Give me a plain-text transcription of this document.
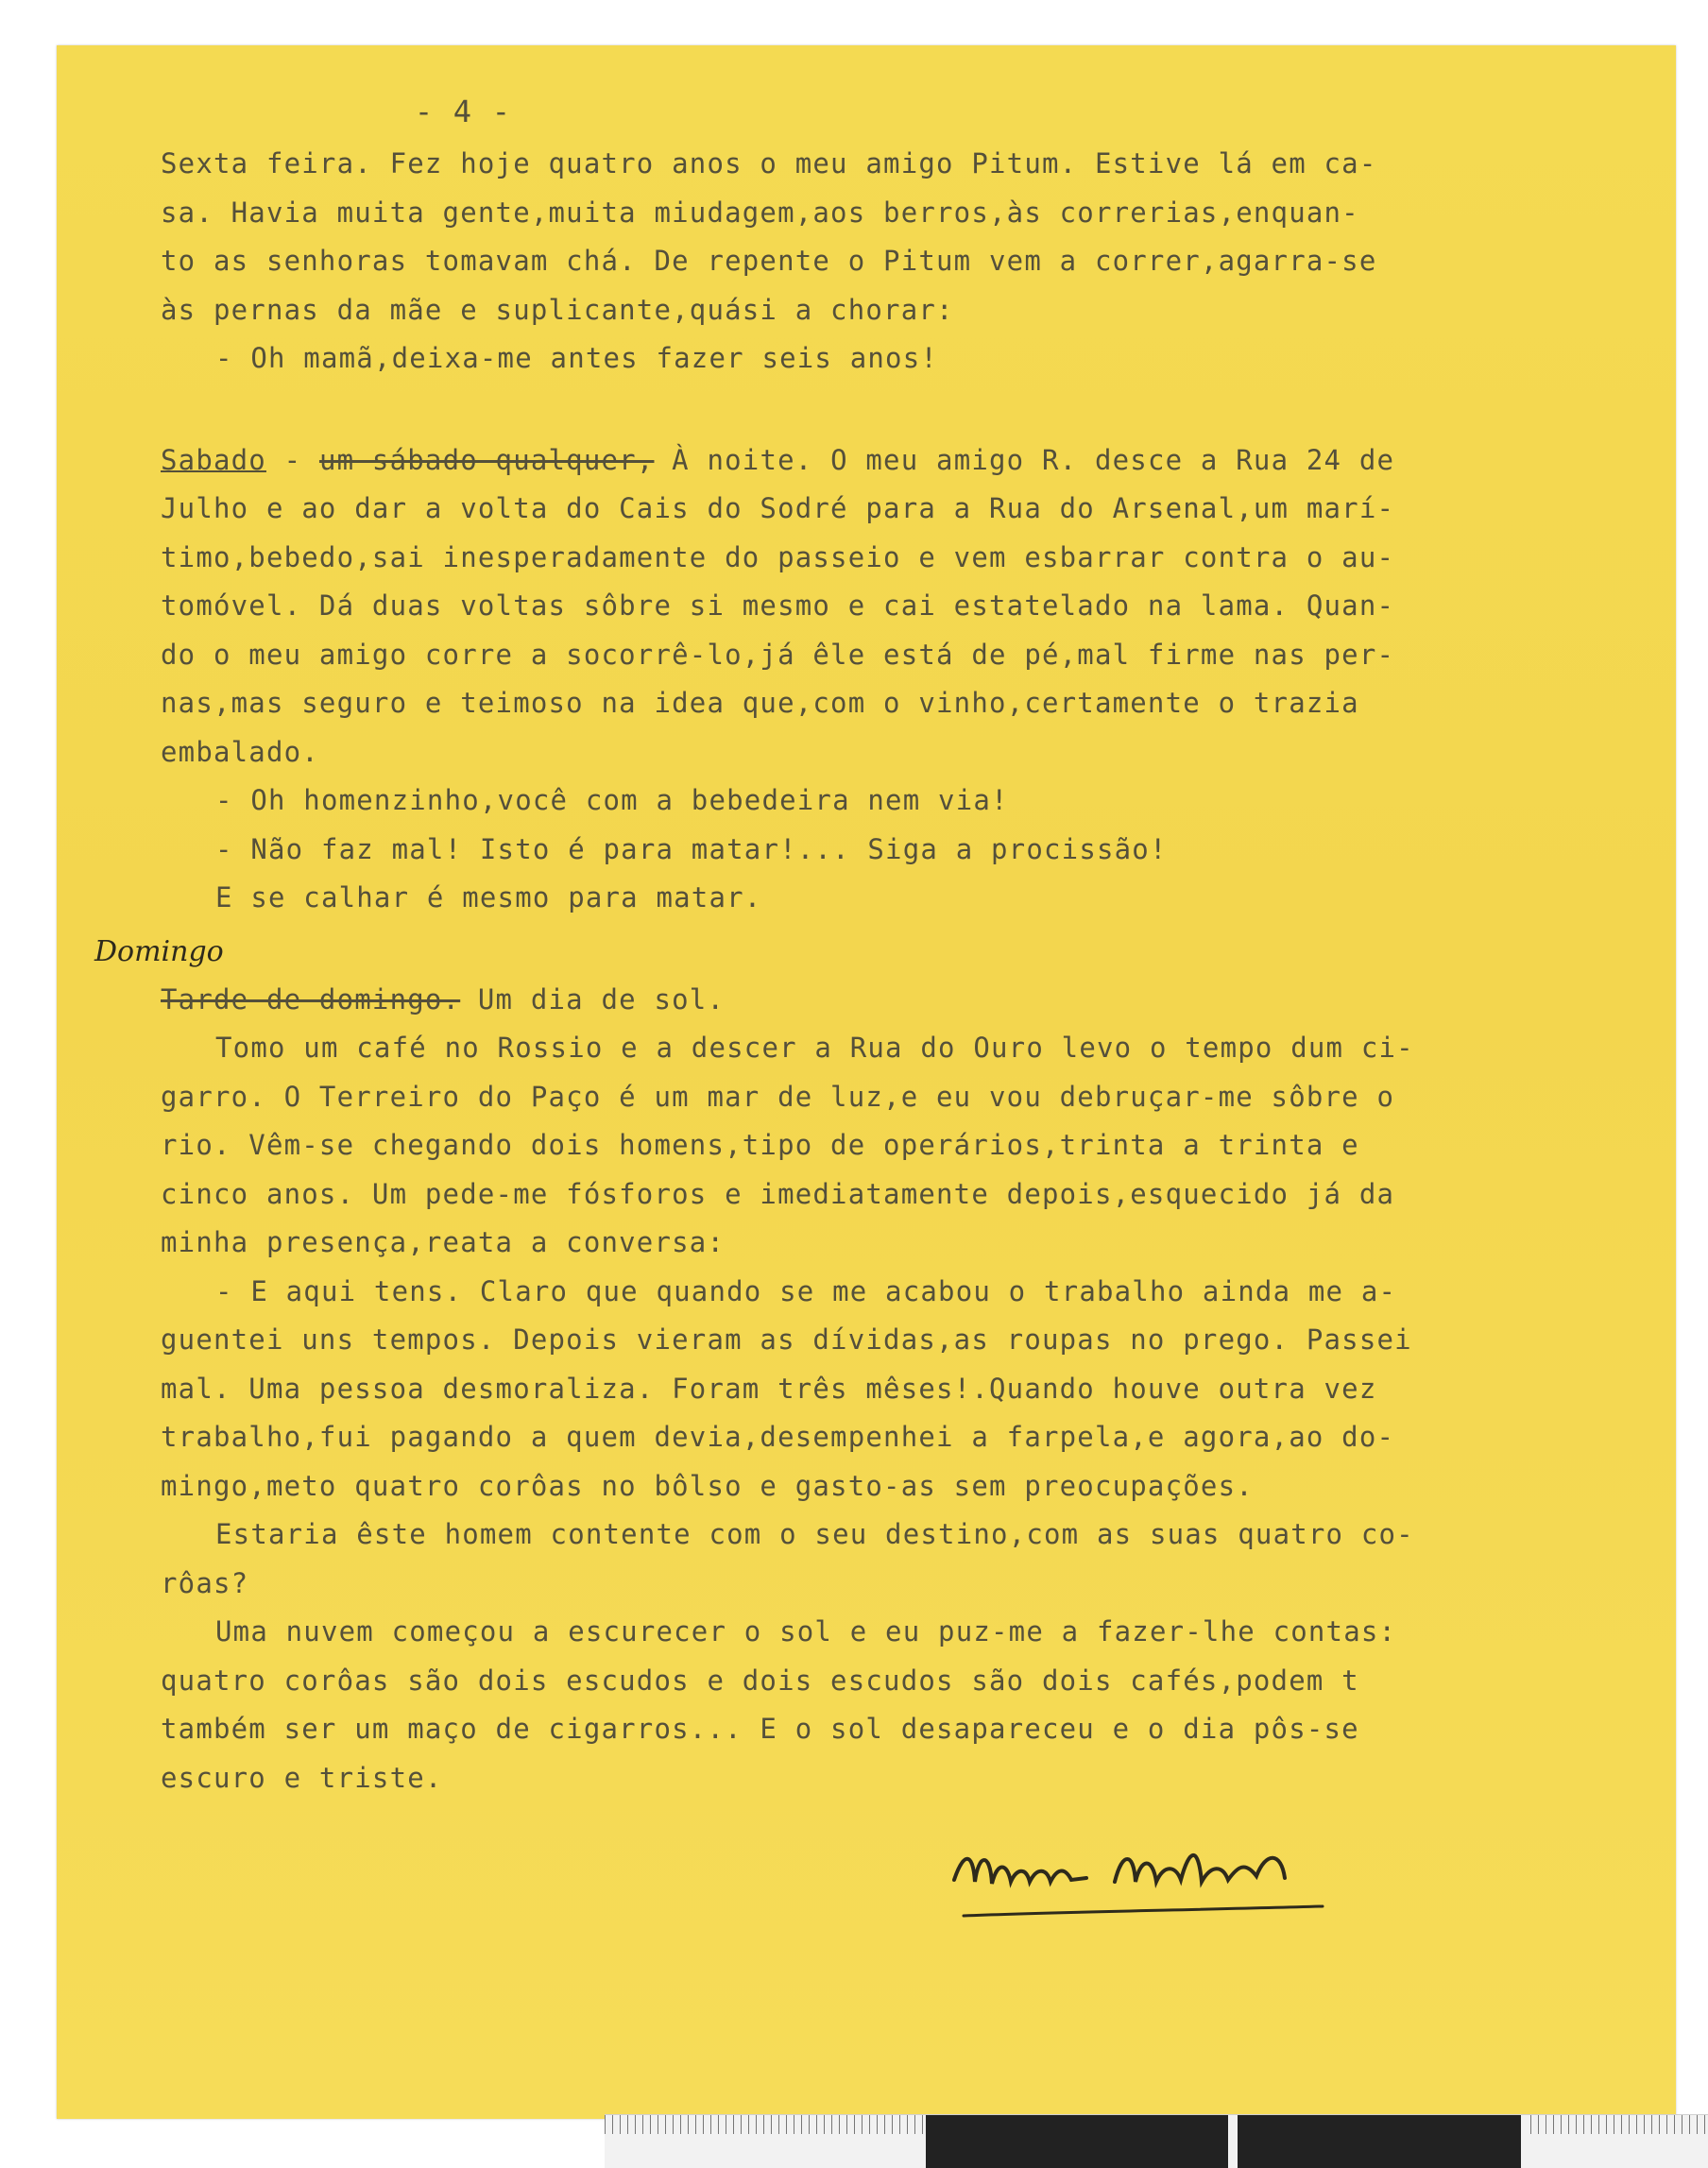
- 4 -
Sexta feira. Fez hoje quatro anos o meu amigo Pitum. Estive lá em ca-
sa. Havia muita gente,muita miudagem,aos berros,às correrias,enquan-
to as senhoras tomavam chá. De repente o Pitum vem a correr,agarra-se
às pernas da mãe e suplicante,quási a chorar:
- Oh mamã,deixa-me antes fazer seis anos!
Sabado - um sábado qualquer, À noite. O meu amigo R. desce a Rua 24 de
Julho e ao dar a volta do Cais do Sodré para a Rua do Arsenal,um marí-
timo,bebedo,sai inesperadamente do passeio e vem esbarrar contra o au-
tomóvel. Dá duas voltas sôbre si mesmo e cai estatelado na lama. Quan-
do o meu amigo corre a socorrê-lo,já êle está de pé,mal firme nas per-
nas,mas seguro e teimoso na idea que,com o vinho,certamente o trazia
embalado.
- Oh homenzinho,você com a bebedeira nem via!
- Não faz mal! Isto é para matar!... Siga a procissão!
E se calhar é mesmo para matar.
Tarde de domingo. Um dia de sol.
Tomo um café no Rossio e a descer a Rua do Ouro levo o tempo dum ci-
garro. O Terreiro do Paço é um mar de luz,e eu vou debruçar-me sôbre o
rio. Vêm-se chegando dois homens,tipo de operários,trinta a trinta e
cinco anos. Um pede-me fósforos e imediatamente depois,esquecido já da
minha presença,reata a conversa:
- E aqui tens. Claro que quando se me acabou o trabalho ainda me a-
guentei uns tempos. Depois vieram as dívidas,as roupas no prego. Passei
mal. Uma pessoa desmoraliza. Foram três mêses!.Quando houve outra vez
trabalho,fui pagando a quem devia,desempenhei a farpela,e agora,ao do-
mingo,meto quatro corôas no bôlso e gasto-as sem preocupações.
Estaria êste homem contente com o seu destino,com as suas quatro co-
rôas?
Uma nuvem começou a escurecer o sol e eu puz-me a fazer-lhe contas:
quatro corôas são dois escudos e dois escudos são dois cafés,podem t
também ser um maço de cigarros... E o sol desapareceu e o dia pôs-se
escuro e triste.
Domingo
